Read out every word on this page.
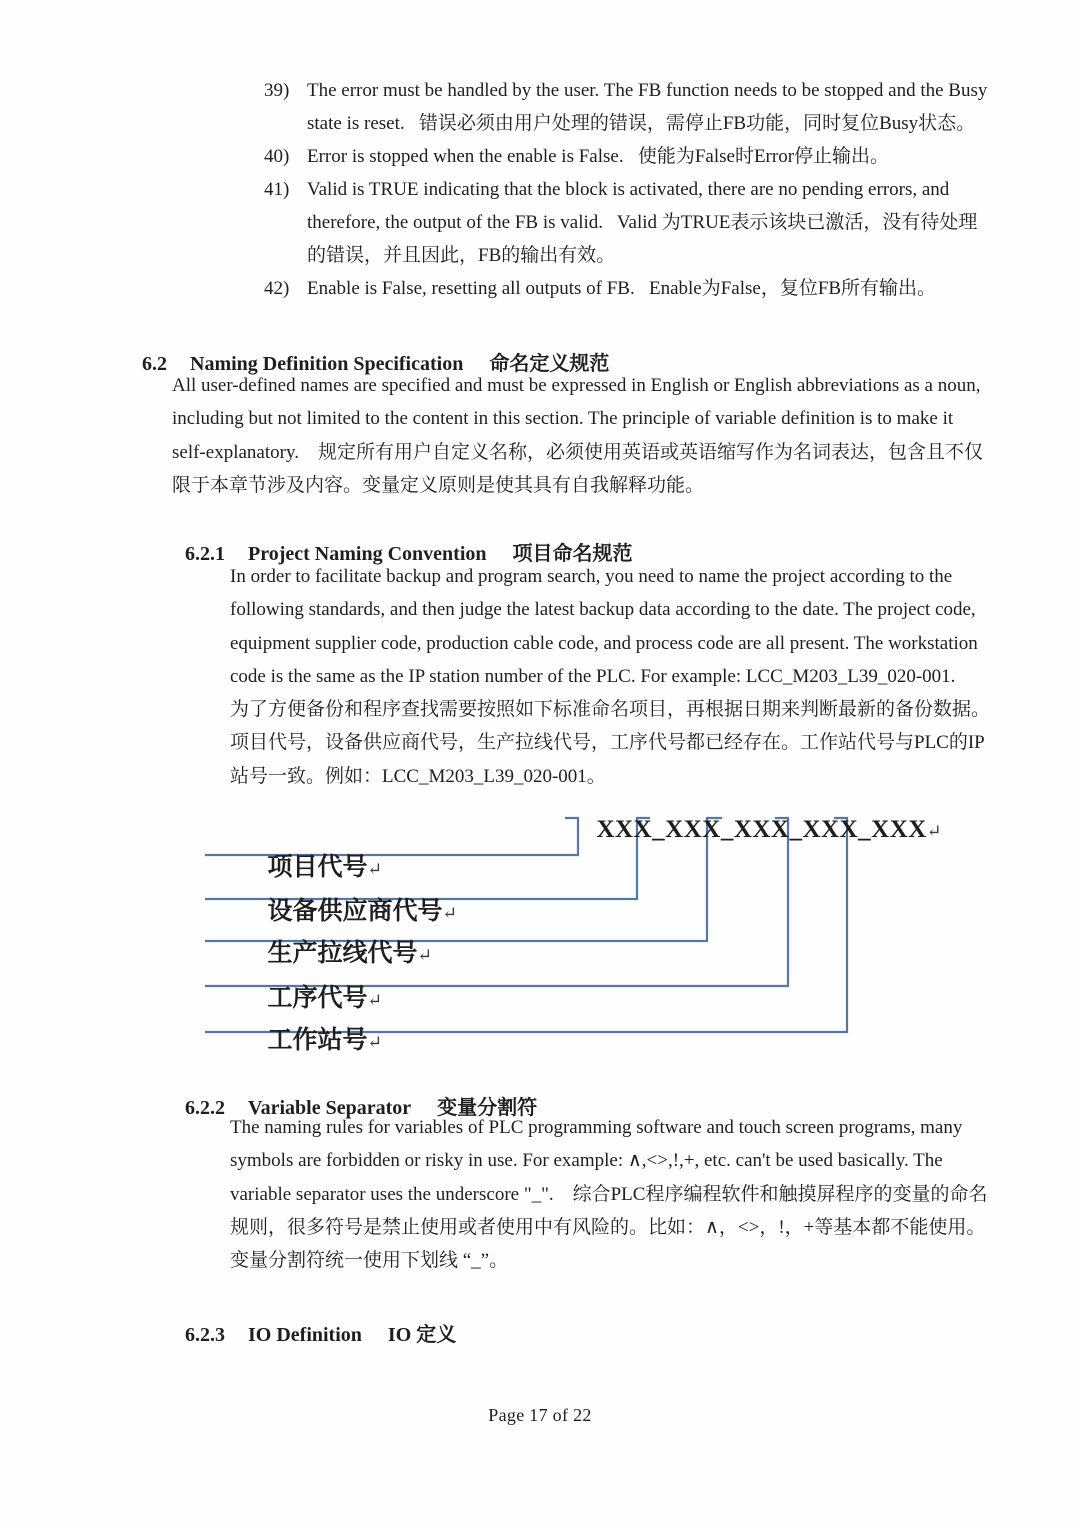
39) The error must be handled by the user. The FB function needs to be stopped and the Busy
state is reset.   错误必须由用户处理的错误，需停止FB功能，同时复位Busy状态。
40) Error is stopped when the enable is False.   使能为False时Error停止输出。
41) Valid is TRUE indicating that the block is activated, there are no pending errors, and
therefore, the output of the FB is valid.   Valid 为TRUE表示该块已激活，没有待处理
的错误，并且因此，FB的输出有效。
42) Enable is False, resetting all outputs of FB.   Enable为False，复位FB所有输出。

6.2 Naming Definition Specification 命名定义规范

All user-defined names are specified and must be expressed in English or English abbreviations as a noun,
including but not limited to the content in this section. The principle of variable definition is to make it
self-explanatory.    规定所有用户自定义名称，必须使用英语或英语缩写作为名词表达，包含且不仅
限于本章节涉及内容。变量定义原则是使其具有自我解释功能。

6.2.1 Project Naming Convention 项目命名规范

In order to facilitate backup and program search, you need to name the project according to the
following standards, and then judge the latest backup data according to the date. The project code,
equipment supplier code, production cable code, and process code are all present. The workstation
code is the same as the IP station number of the PLC. For example: LCC_M203_L39_020-001.
为了方便备份和程序查找需要按照如下标准命名项目，再根据日期来判断最新的备份数据。
项目代号，设备供应商代号，生产拉线代号，工序代号都已经存在。工作站代号与PLC的IP
站号一致。例如：LCC_M203_L39_020-001。

XXX_XXX_XXX_XXX_XXX↵

项目代号↵

设备供应商代号↵

生产拉线代号↵

工序代号↵

工作站号↵

6.2.2 Variable Separator 变量分割符

The naming rules for variables of PLC programming software and touch screen programs, many
symbols are forbidden or risky in use. For example: ∧,<>,!,+, etc. can't be used basically. The
variable separator uses the underscore "_".    综合PLC程序编程软件和触摸屏程序的变量的命名
规则，很多符号是禁止使用或者使用中有风险的。比如：∧，<>，!，+等基本都不能使用。
变量分割符统一使用下划线 “_”。

6.2.3 IO Definition IO 定义

Page 17 of 22
